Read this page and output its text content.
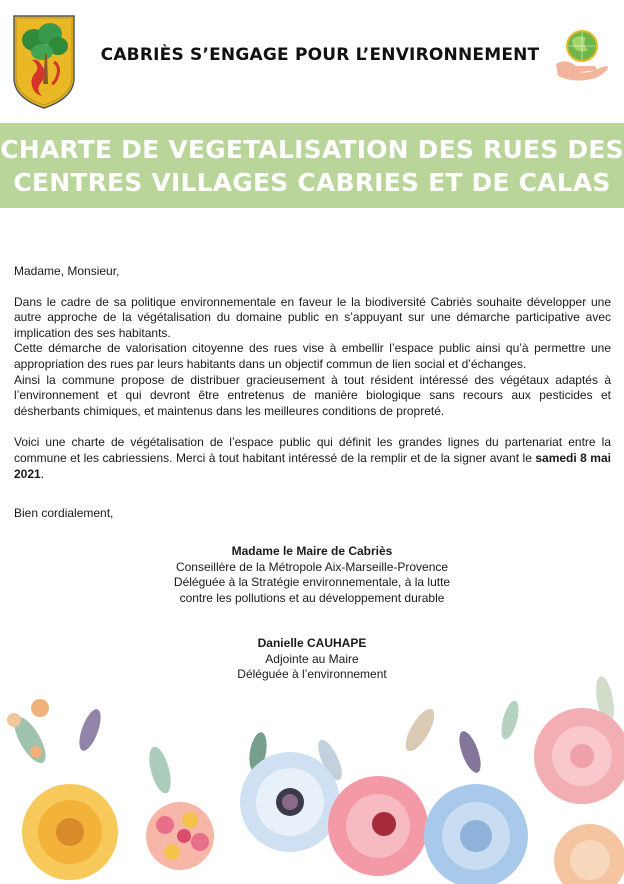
CABRIÈS S’ENGAGE POUR L’ENVIRONNEMENT
CHARTE DE VEGETALISATION DES RUES DES
CENTRES VILLAGES CABRIES ET DE CALAS

Madame, Monsieur,

Dans le cadre de sa politique environnementale en faveur le la biodiversité Cabriès souhaite développer une autre approche de la végétalisation du domaine public en s’appuyant sur une démarche participative avec implication des ses habitants.

Cette démarche de valorisation citoyenne des rues vise à embellir l’espace public ainsi qu’à permettre une appropriation des rues par leurs habitants dans un objectif commun de lien social et d’échanges.

Ainsi la commune propose de distribuer gracieusement à tout résident intéressé des végétaux adaptés à l’environnement et qui devront être entretenus de manière biologique sans recours aux pesticides et désherbants chimiques, et maintenus dans les meilleures conditions de propreté.

Voici une charte de végétalisation de l’espace public qui définit les grandes lignes du partenariat entre la commune et les cabriessiens. Merci à tout habitant intéressé de la remplir et de la signer avant le samedi 8 mai 2021.

Bien cordialement,

Madame le Maire de Cabriès
Conseillère de la Métropole Aix-Marseille-Provence
Déléguée à la Stratégie environnementale, à la lutte
contre les pollutions et au développement durable
Danielle CAUHAPE
Adjointe au Maire
Déléguée à l’environnement
